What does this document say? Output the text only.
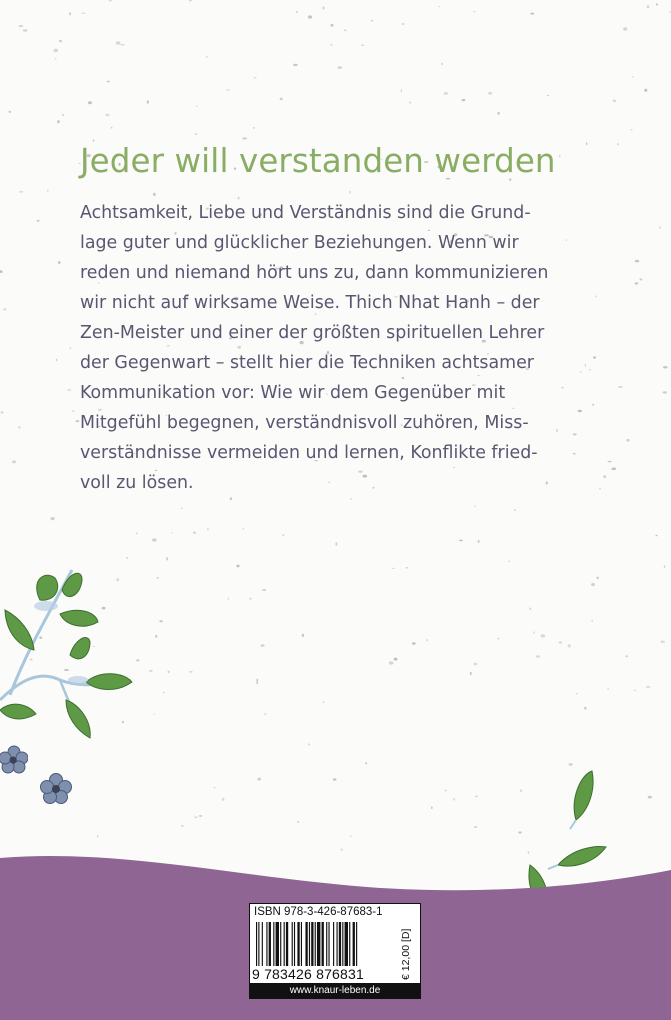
Jeder will verstanden werden
Achtsamkeit, Liebe und Verständnis sind die Grund-
lage guter und glücklicher Beziehungen. Wenn wir
reden und niemand hört uns zu, dann kommunizieren
wir nicht auf wirksame Weise. Thich Nhat Hanh – der
Zen-Meister und einer der größten spirituellen Lehrer
der Gegenwart – stellt hier die Techniken achtsamer
Kommunikation vor: Wie wir dem Gegenüber mit
Mitgefühl begegnen, verständnisvoll zuhören, Miss-
verständnisse vermeiden und lernen, Konflikte fried-
voll zu lösen.
ISBN 978-3-426-87683-1
9 783426 876831	€ 12,00 [D]
www.knaur-leben.de
